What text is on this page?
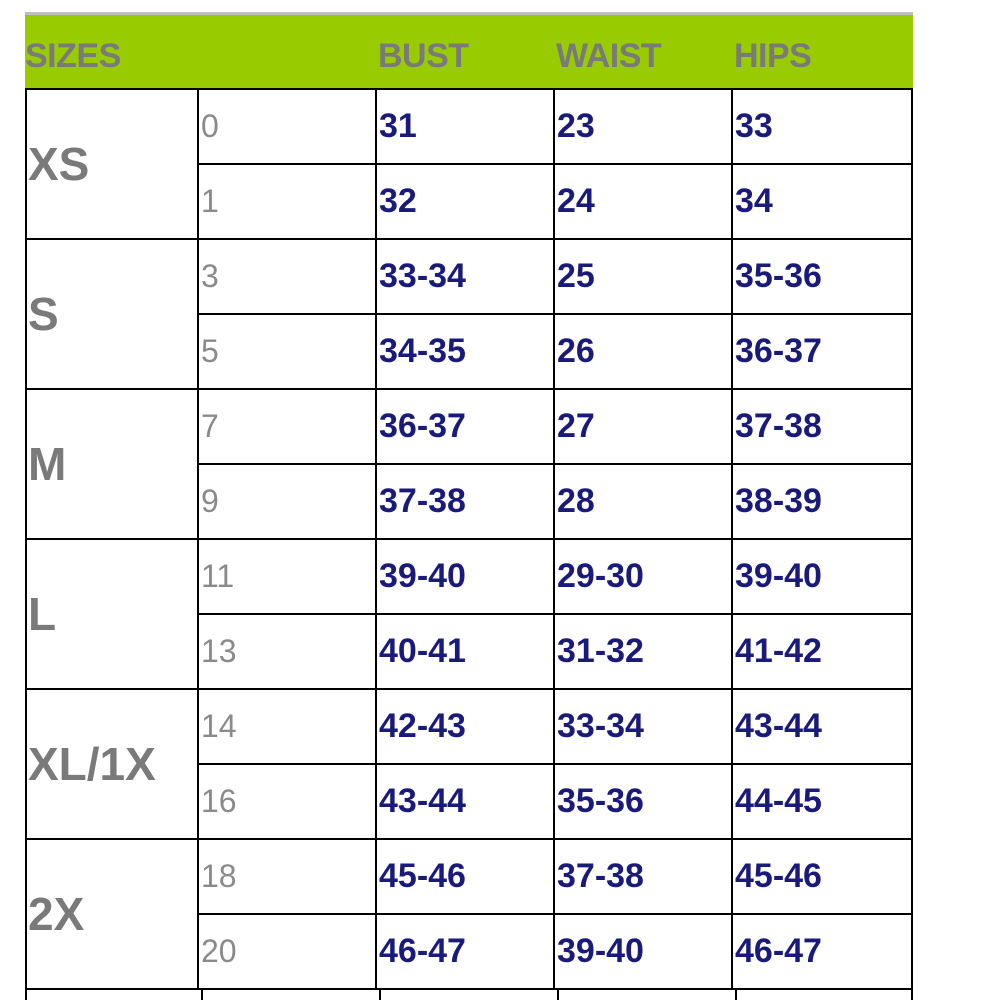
SIZES	BUST	WAIST HIPS
XS
0	31	23	33
1	32	24	34
S
3	33-34	25	35-36
5	34-35	26	36-37
M
7	36-37	27	37-38
9	37-38	28	38-39
L
11	39-40	29-30	39-40
13	40-41	31-32	41-42
XL/1X
14	42-43	33-34	43-44
16	43-44	35-36	44-45
2X
18	45-46	37-38	45-46
20	46-47	39-40	46-47
